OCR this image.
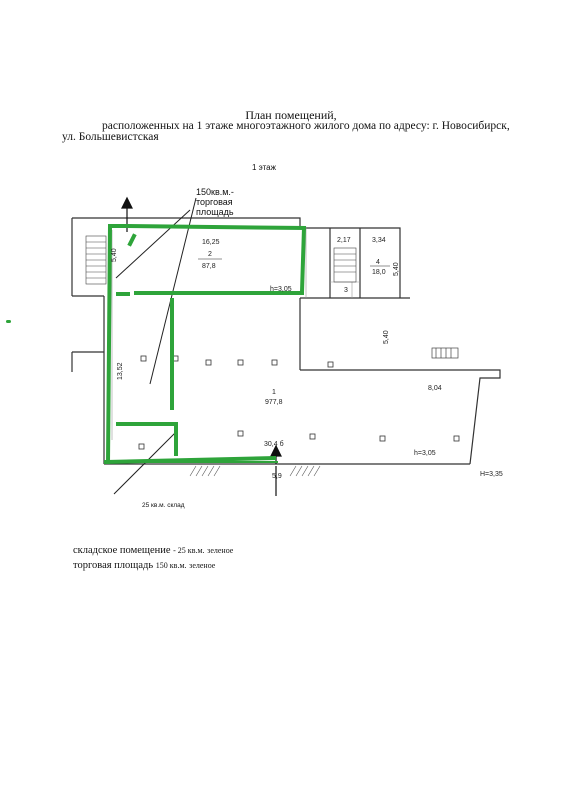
16,25
2
87,8
5,40
h=3,05
13,52
1
977,8
2,17	3,34
4
18,0 5,40
3
5,40
8,04
h=3,05
30,4 б
5,9	H=3,35
План помещений,
расположенных на 1 этаже многоэтажного жилого дома по адресу: г. Новосибирск,
ул. Большевистская
1 этаж
150кв.м.-торговая площадь
25 кв.м. склад
складское помещение - 25 кв.м. зеленое
торговая площадь 150 кв.м. зеленое
